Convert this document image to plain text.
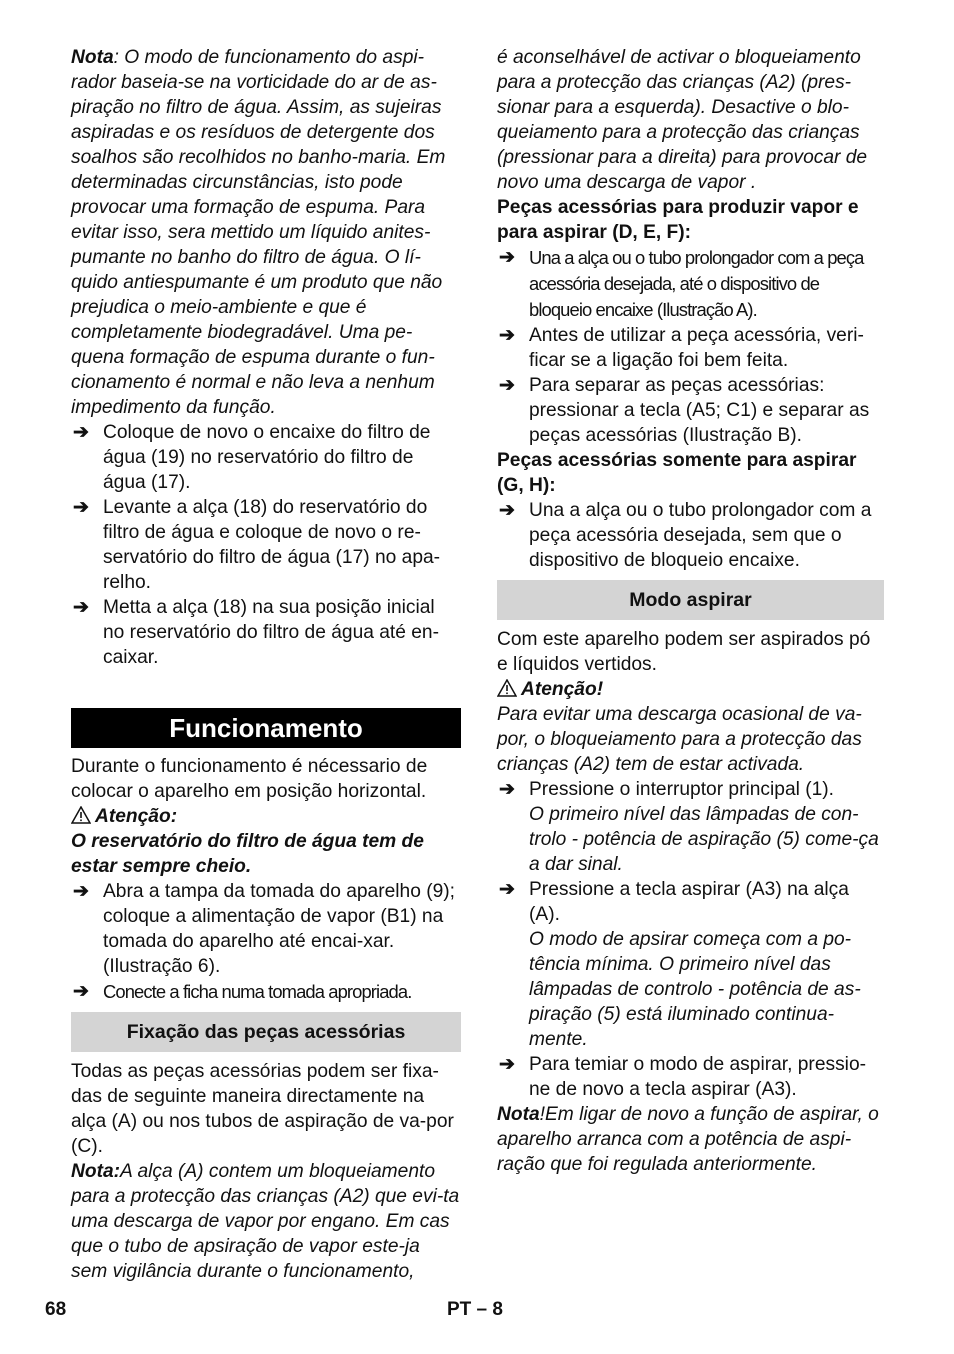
Nota: O modo de funcionamento do aspi-rador baseia-se na vorticidade do ar de as-piração no filtro de água. Assim, as sujeiras aspiradas e os resíduos de detergente dos soalhos são recolhidos no banho-maria. Em determinadas circunstâncias, isto pode provocar uma formação de espuma. Para evitar isso, sera mettido um líquido anites-pumante no banho do filtro de água. O lí-quido antiespumante é um produto que não prejudica o meio-ambiente e que é completamente biodegradável. Uma pe-quena formação de espuma durante o fun-cionamento é normal e não leva a nenhum impedimento da função.

➔ Coloque de novo o encaixe do filtro de água (19) no reservatório do filtro de água (17).
➔ Levante a alça (18) do reservatório do filtro de água e coloque de novo o re-servatório do filtro de água (17) no apa-relho.
➔ Metta a alça (18) na sua posição inicial no reservatório do filtro de água até en-caixar.
Funcionamento

Durante o funcionamento é nécessario de colocar o aparelho em posição horizontal.

Atenção:

O reservatório do filtro de água tem de estar sempre cheio.

➔ Abra a tampa da tomada do aparelho (9); coloque a alimentação de vapor (B1) na tomada do aparelho até encai-xar. (Ilustração 6).
➔ Conecte a ficha numa tomada apropriada.
Fixação das peças acessórias

Todas as peças acessórias podem ser fixa-das de seguinte maneira directamente na alça (A) ou nos tubos de aspiração de va-por (C).

Nota:A alça (A) contem um bloqueiamento para a protecção das crianças (A2) que evi-ta uma descarga de vapor por engano. Em cas que o tubo de apsiração de vapor este-ja sem vigilância durante o funcionamento,

é aconselhável de activar o bloqueiamento para a protecção das crianças (A2) (pres-sionar para a esquerda). Desactive o blo-queiamento para a protecção das crianças (pressionar para a direita) para provocar de novo uma descarga de vapor .

Peças acessórias para produzir vapor e para aspirar (D, E, F):

➔ Una a alça ou o tubo prolongador com a peça acessória desejada, até o dispositivo de bloqueio encaixe (Ilustração A).
➔ Antes de utilizar a peça acessória, veri-ficar se a ligação foi bem feita.
➔ Para separar as peças acessórias: pressionar a tecla (A5; C1) e separar as peças acessórias (Ilustração B).

Peças acessórias somente para aspirar (G, H):

➔ Una a alça ou o tubo prolongador com a peça acessória desejada, sem que o dispositivo de bloqueio encaixe.
Modo aspirar

Com este aparelho podem ser aspirados pó e líquidos vertidos.

Atenção!

Para evitar uma descarga ocasional de va-por, o bloqueiamento para a protecção das crianças (A2) tem de estar activada.

➔ Pressione o interruptor principal (1).
O primeiro nível das lâmpadas de con-trolo - potência de aspiração (5) come-ça a dar sinal.
➔ Pressione a tecla aspirar (A3) na alça (A).
O modo de apsirar começa com a po-tência mínima. O primeiro nível das lâmpadas de controlo - potência de as-piração (5) está iluminado continua-mente.
➔ Para temiar o modo de aspirar, pressio-ne de novo a tecla aspirar (A3).

Nota!Em ligar de novo a função de aspirar, o aparelho arranca com a potência de aspi-ração que foi regulada anteriormente.

68	PT – 8
